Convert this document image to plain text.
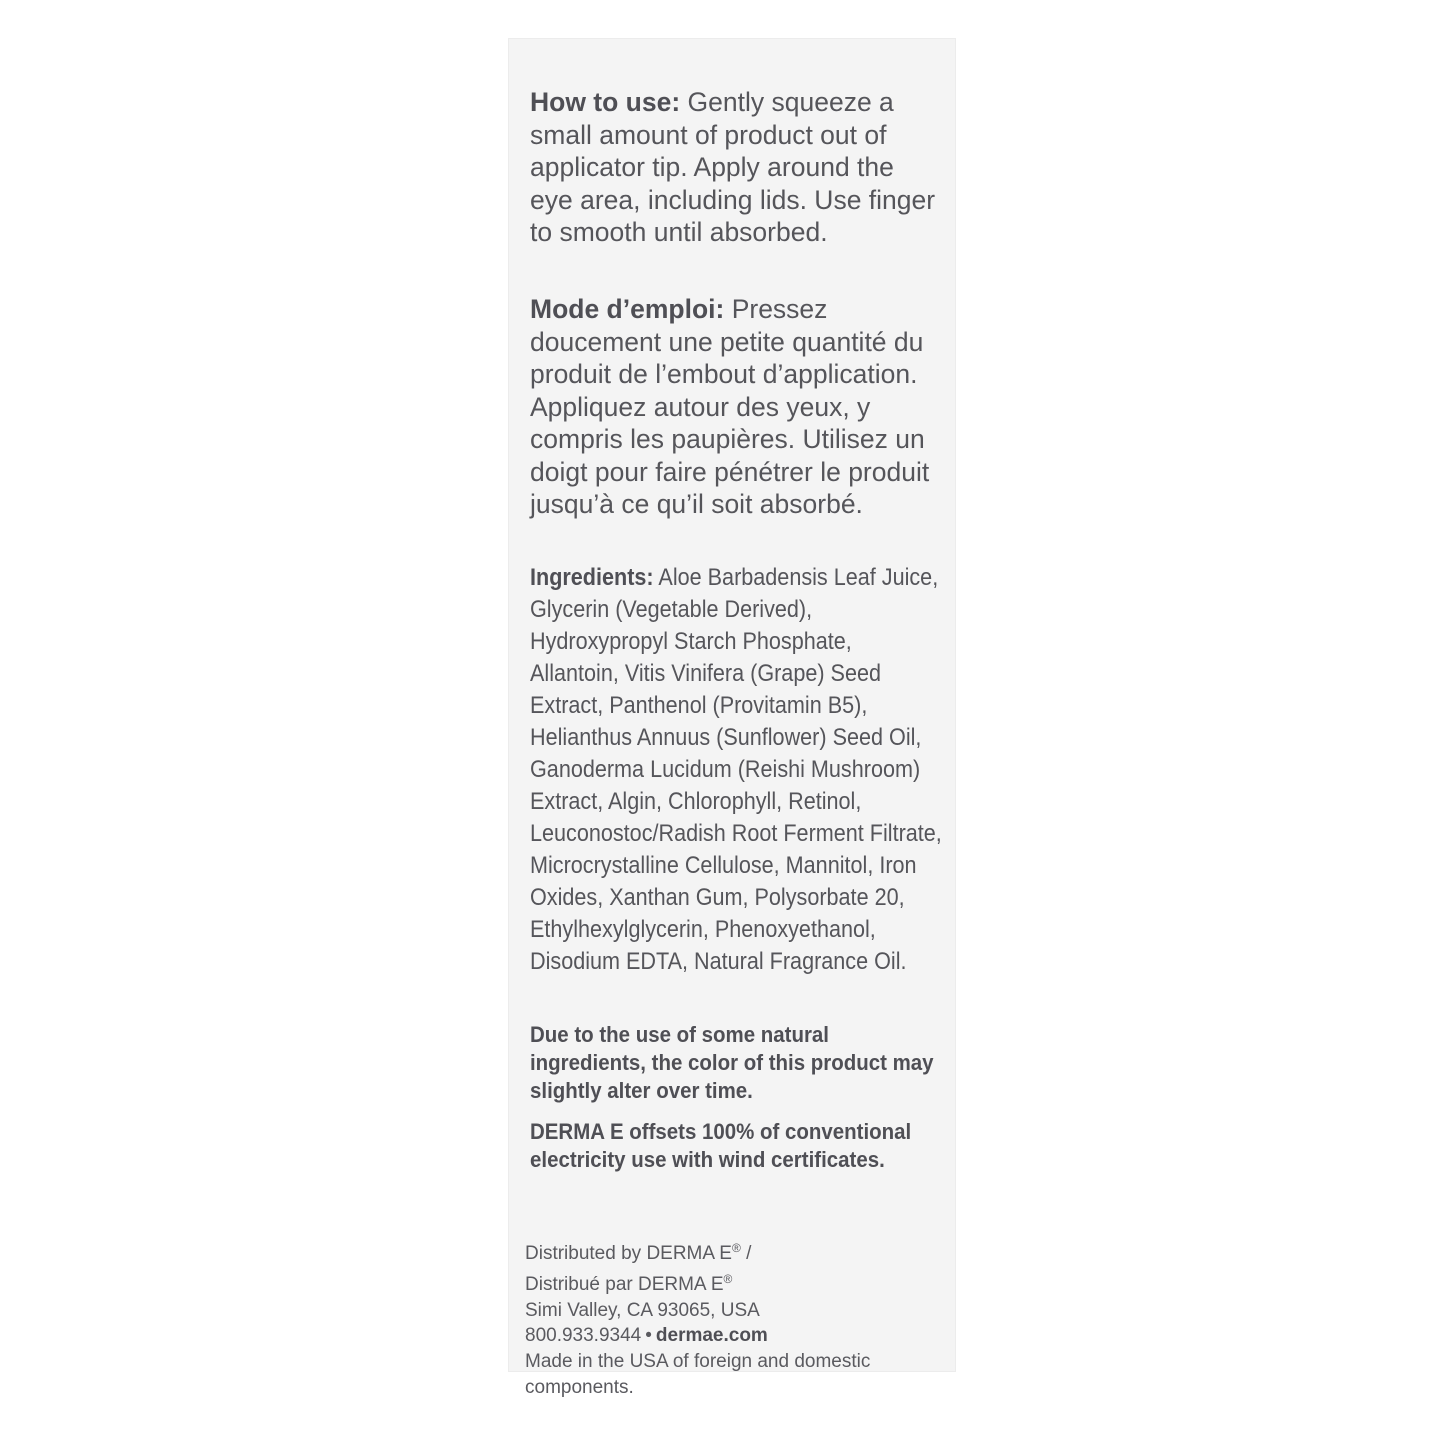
How to use: Gently squeeze a small amount of product out of applicator tip. Apply around the eye area, including lids. Use finger to smooth until absorbed.

Mode d’emploi: Pressez doucement une petite quantité du produit de l’embout d’application. Appliquez autour des yeux, y compris les paupières. Utilisez un doigt pour faire pénétrer le produit jusqu’à ce qu’il soit absorbé.

Ingredients: Aloe Barbadensis Leaf Juice, Glycerin (Vegetable Derived), Hydroxypropyl Starch Phosphate, Allantoin, Vitis Vinifera (Grape) Seed Extract, Panthenol (Provitamin B5), Helianthus Annuus (Sunflower) Seed Oil, Ganoderma Lucidum (Reishi Mushroom) Extract, Algin, Chlorophyll, Retinol, Leuconostoc/Radish Root Ferment Filtrate, Microcrystalline Cellulose, Mannitol, Iron Oxides, Xanthan Gum, Polysorbate 20, Ethylhexylglycerin, Phenoxyethanol, Disodium EDTA, Natural Fragrance Oil.

Due to the use of some natural ingredients, the color of this product may slightly alter over time.

DERMA E offsets 100% of conventional electricity use with wind certificates.

Distributed by DERMA E® /
Distribué par DERMA E®
Simi Valley, CA 93065, USA
800.933.9344 • dermae.com
Made in the USA of foreign and domestic components.
